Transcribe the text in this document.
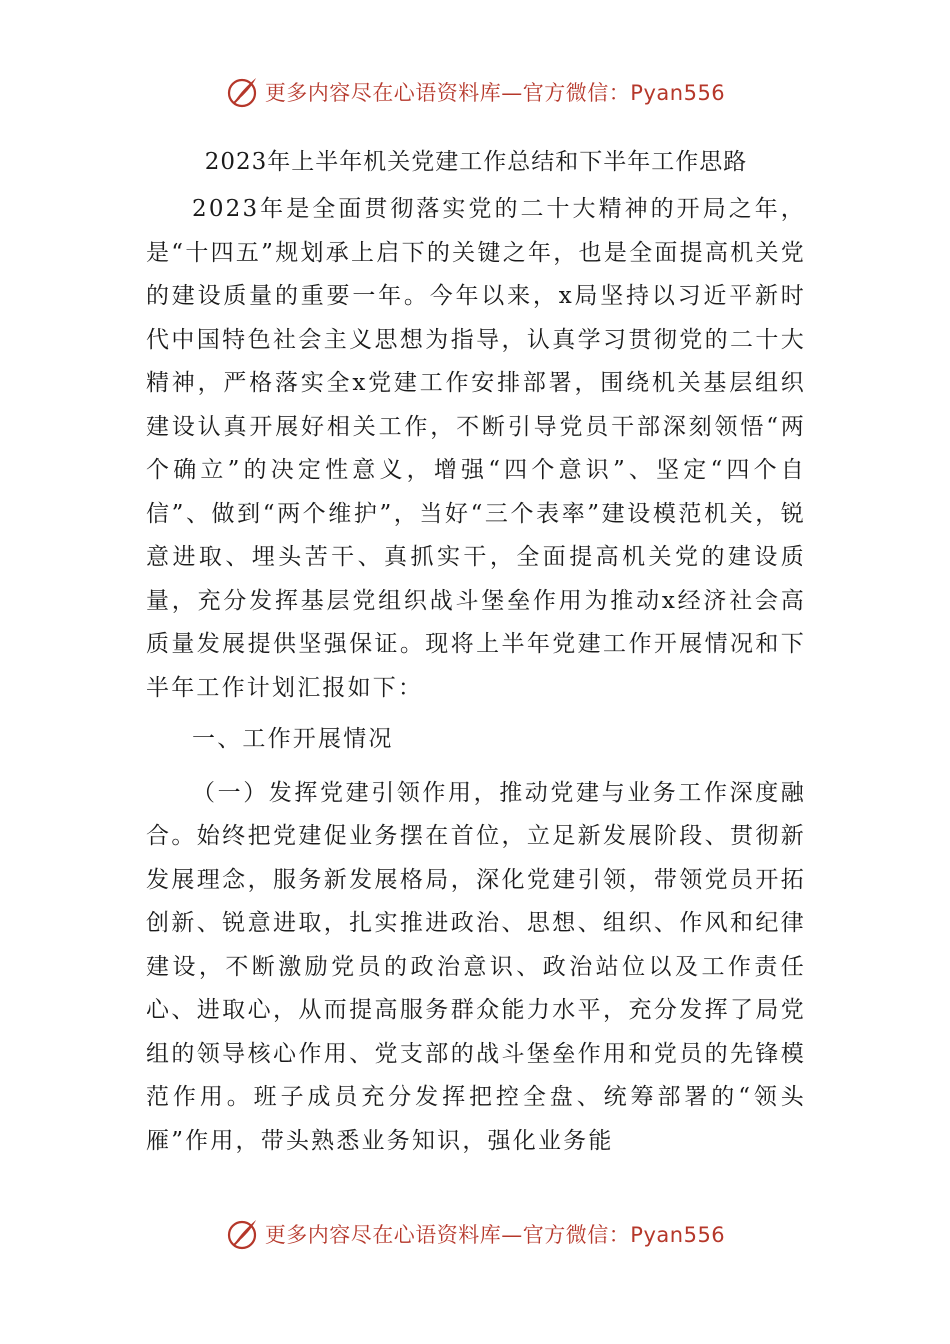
更多内容尽在心语资料库—官方微信：Pyan556
2023年上半年机关党建工作总结和下半年工作思路

2023年是全面贯彻落实党的二十大精神的开局之年，是“十四五”规划承上启下的关键之年，也是全面提高机关党的建设质量的重要一年。今年以来，x局坚持以习近平新时代中国特色社会主义思想为指导，认真学习贯彻党的二十大精神，严格落实全x党建工作安排部署，围绕机关基层组织建设认真开展好相关工作，不断引导党员干部深刻领悟“两个确立”的决定性意义，增强“四个意识”、坚定“四个自信”、做到“两个维护”，当好“三个表率”建设模范机关，锐意进取、埋头苦干、真抓实干，全面提高机关党的建设质量，充分发挥基层党组织战斗堡垒作用为推动x经济社会高质量发展提供坚强保证。现将上半年党建工作开展情况和下半年工作计划汇报如下：

一、工作开展情况

（一）发挥党建引领作用，推动党建与业务工作深度融合。始终把党建促业务摆在首位，立足新发展阶段、贯彻新发展理念，服务新发展格局，深化党建引领，带领党员开拓创新、锐意进取，扎实推进政治、思想、组织、作风和纪律建设，不断激励党员的政治意识、政治站位以及工作责任心、进取心，从而提高服务群众能力水平，充分发挥了局党组的领导核心作用、党支部的战斗堡垒作用和党员的先锋模范作用。班子成员充分发挥把控全盘、统筹部署的“领头雁”作用，带头熟悉业务知识，强化业务能

更多内容尽在心语资料库—官方微信：Pyan556
